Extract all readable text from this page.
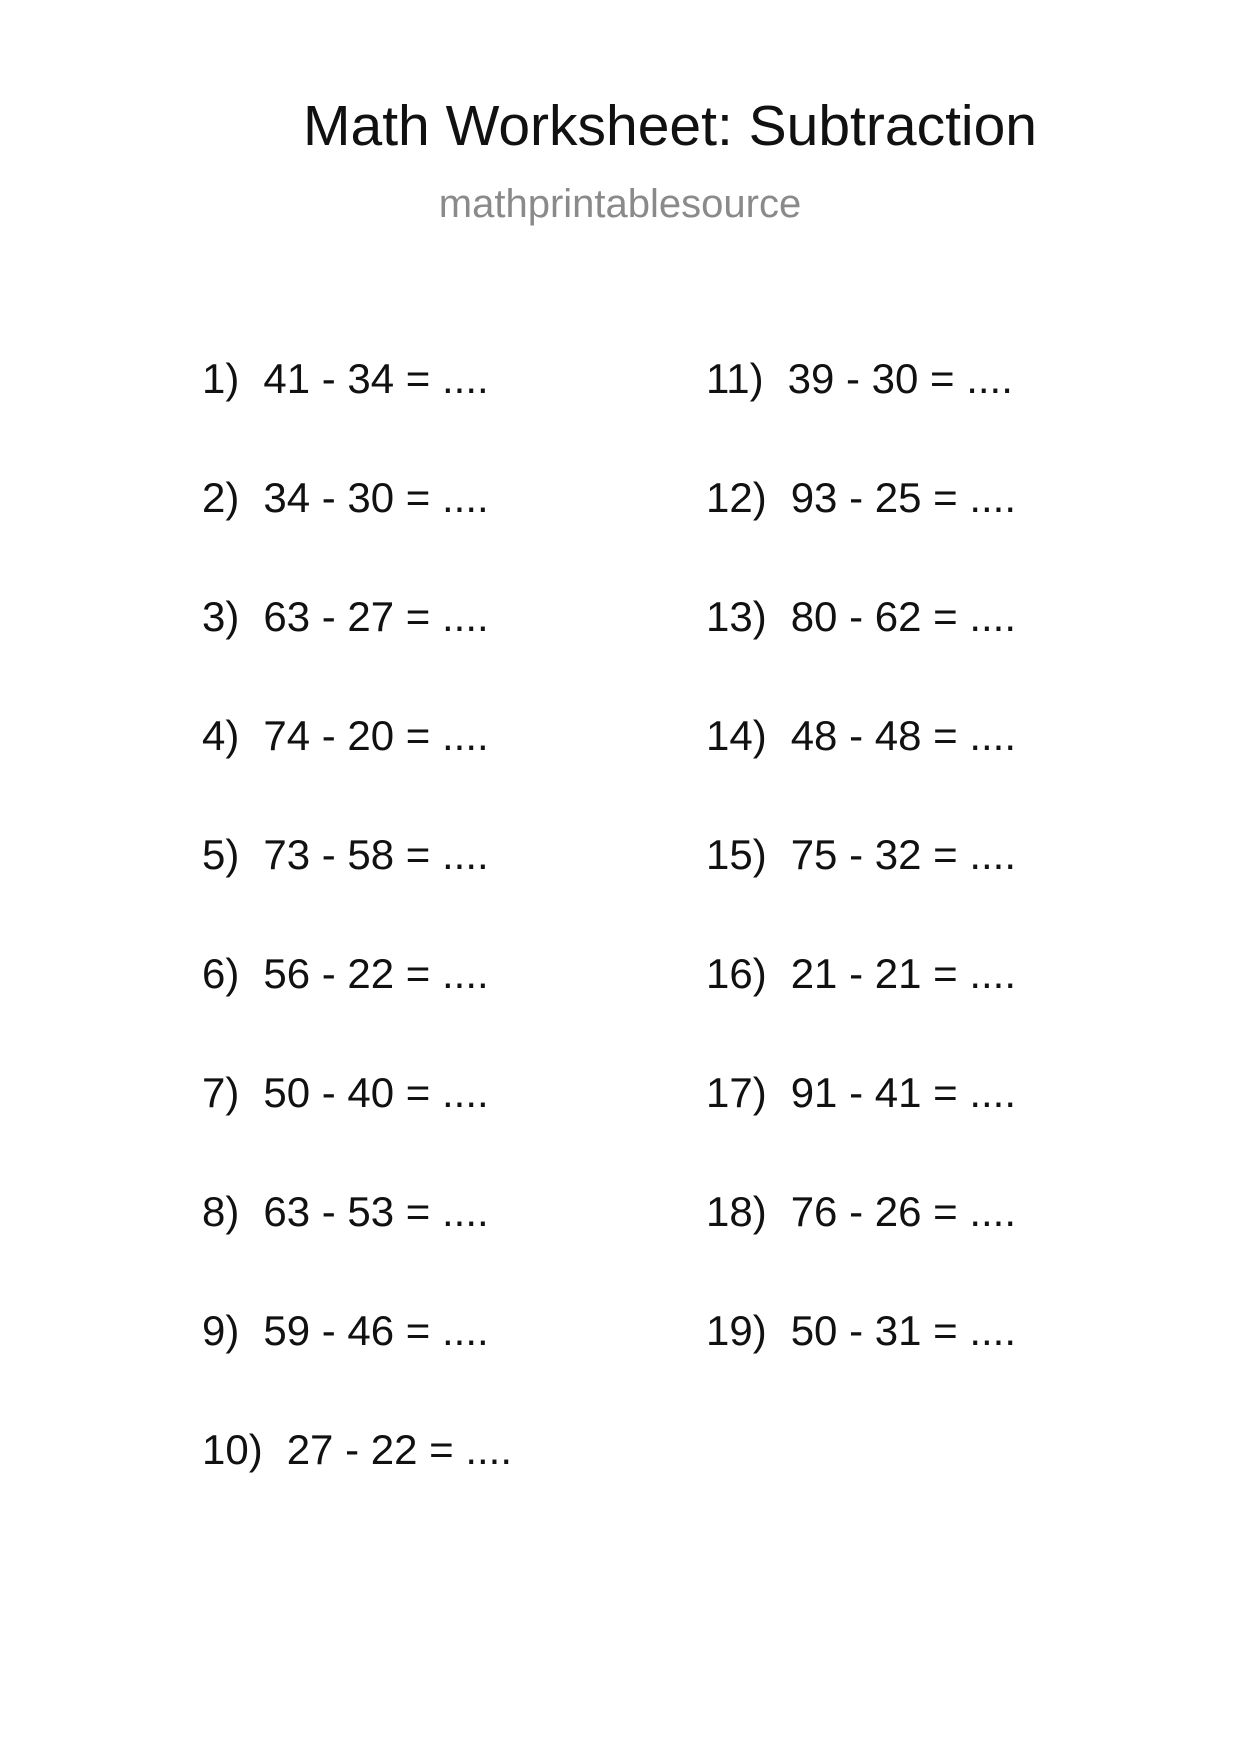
Math Worksheet: Subtraction
mathprintablesource
1) 41 - 34 = ....
2) 34 - 30 = ....
3) 63 - 27 = ....
4) 74 - 20 = ....
5) 73 - 58 = ....
6) 56 - 22 = ....
7) 50 - 40 = ....
8) 63 - 53 = ....
9) 59 - 46 = ....
10) 27 - 22 = ....
11) 39 - 30 = ....
12) 93 - 25 = ....
13) 80 - 62 = ....
14) 48 - 48 = ....
15) 75 - 32 = ....
16) 21 - 21 = ....
17) 91 - 41 = ....
18) 76 - 26 = ....
19) 50 - 31 = ....
